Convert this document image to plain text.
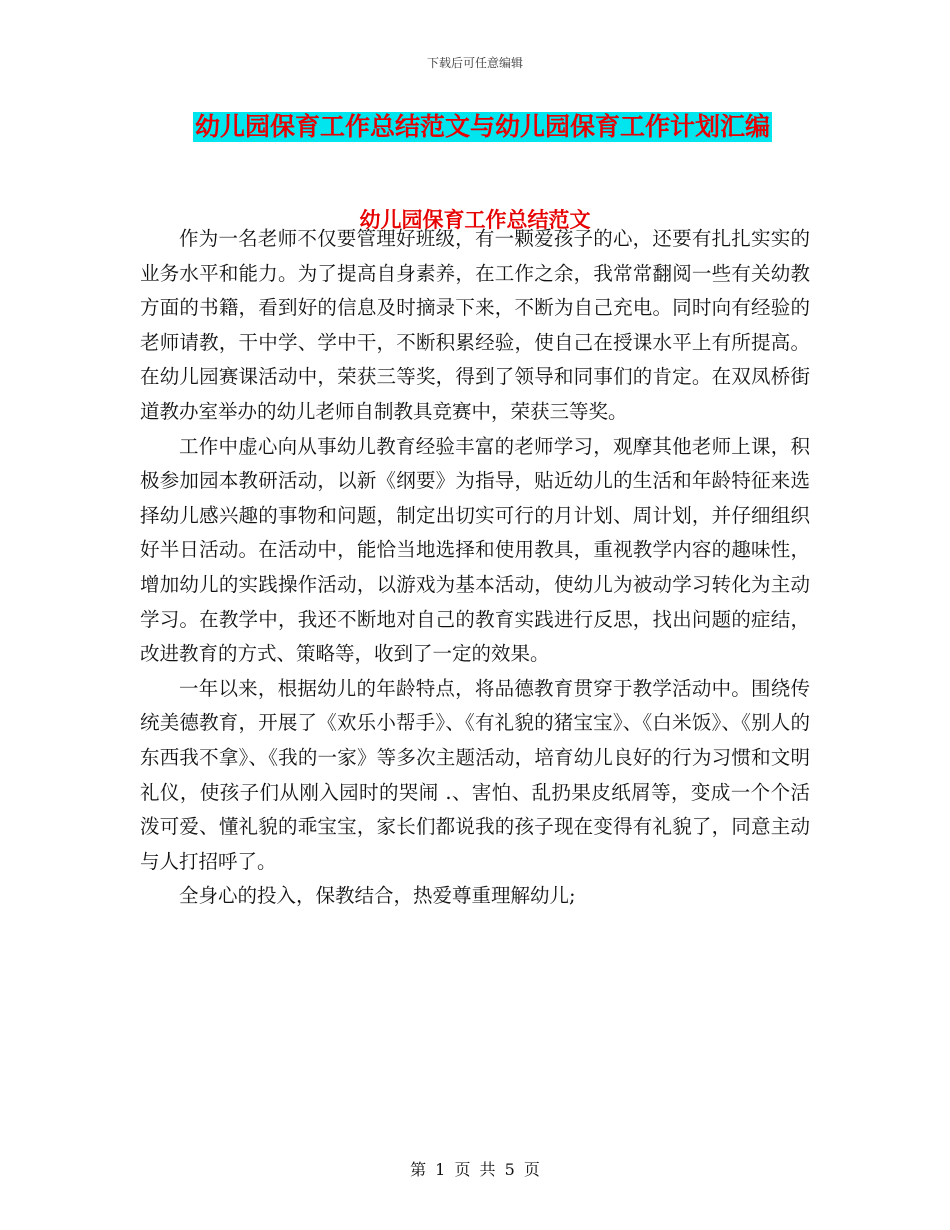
下载后可任意编辑
幼儿园保育工作总结范文与幼儿园保育工作计划汇编
幼儿园保育工作总结范文

作为一名老师不仅要管理好班级，有一颗爱孩子的心，还要有扎扎实实的业务水平和能力。为了提高自身素养，在工作之余，我常常翻阅一些有关幼教方面的书籍，看到好的信息及时摘录下来，不断为自己充电。同时向有经验的老师请教，干中学、学中干，不断积累经验，使自己在授课水平上有所提高。在幼儿园赛课活动中，荣获三等奖，得到了领导和同事们的肯定。在双凤桥街道教办室举办的幼儿老师自制教具竞赛中，荣获三等奖。

工作中虚心向从事幼儿教育经验丰富的老师学习，观摩其他老师上课，积极参加园本教研活动，以新《纲要》为指导，贴近幼儿的生活和年龄特征来选择幼儿感兴趣的事物和问题，制定出切实可行的月计划、周计划，并仔细组织好半日活动。在活动中，能恰当地选择和使用教具，重视教学内容的趣味性，增加幼儿的实践操作活动，以游戏为基本活动，使幼儿为被动学习转化为主动学习。在教学中，我还不断地对自己的教育实践进行反思，找出问题的症结，改进教育的方式、策略等，收到了一定的效果。

一年以来，根据幼儿的年龄特点，将品德教育贯穿于教学活动中。围绕传统美德教育，开展了《欢乐小帮手》、《有礼貌的猪宝宝》、《白米饭》、《别人的东西我不拿》、《我的一家》等多次主题活动，培育幼儿良好的行为习惯和文明礼仪，使孩子们从刚入园时的哭闹 .、害怕、乱扔果皮纸屑等，变成一个个活泼可爱、懂礼貌的乖宝宝，家长们都说我的孩子现在变得有礼貌了，同意主动与人打招呼了。

全身心的投入，保教结合，热爱尊重理解幼儿;

第 1 页 共 5 页
